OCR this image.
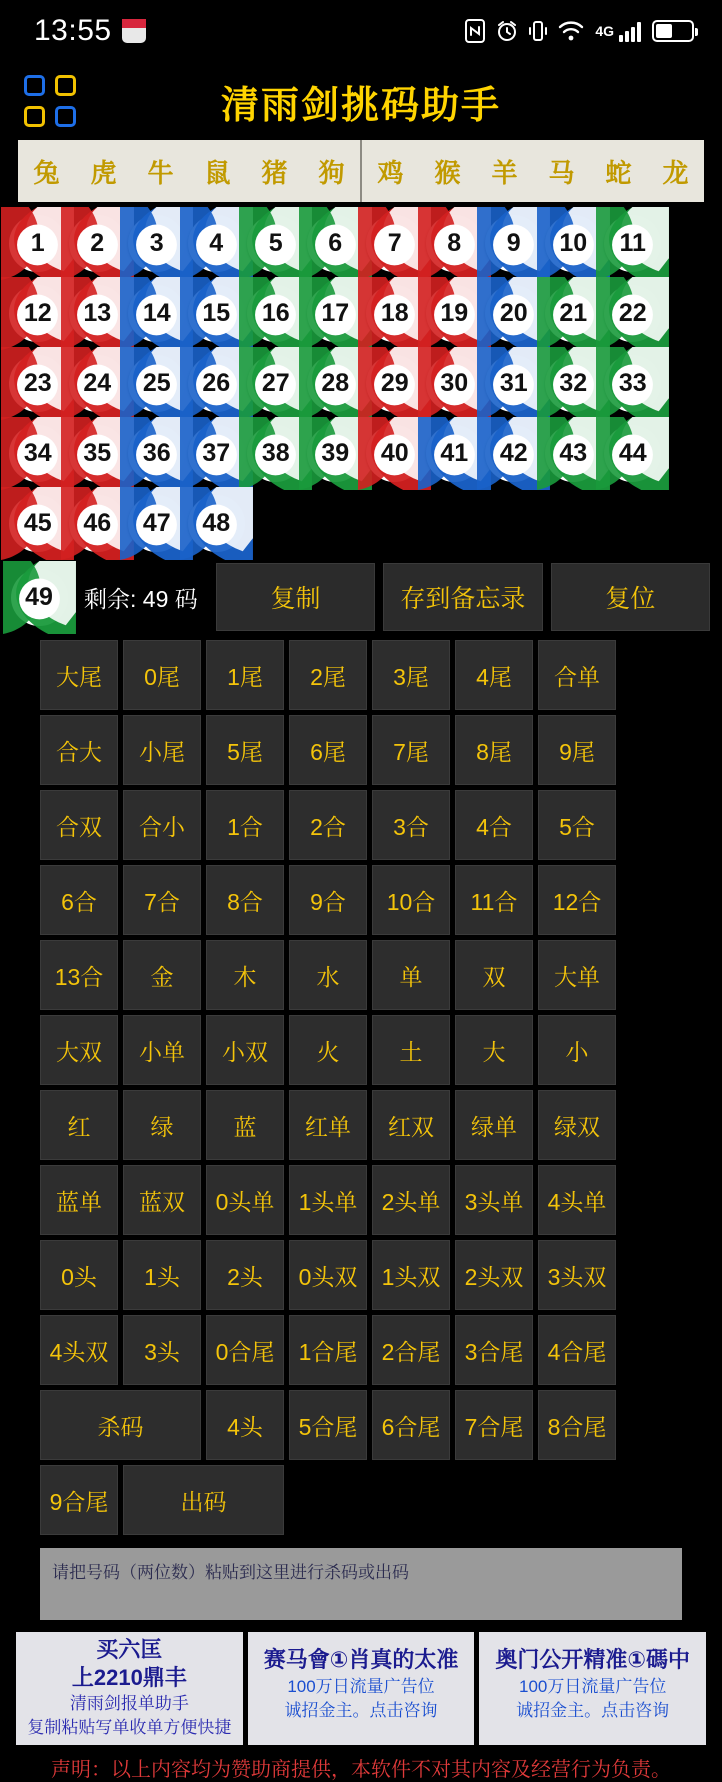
13:55	4G
清雨剑挑码助手
兔	虎	牛	鼠	猪	狗	鸡	猴	羊	马	蛇	龙
1 2 3 4 5 6 7 8 9 10 11
12 13 14 15 16 17 18 19 20 21 22
23 24 25 26 27 28 29 30 31 32 33
34 35 36 37 38 39 40 41 42 43 44
45 46 47 48
49 剩余: 49 码	复制	存到备忘录	复位
大尾	0尾	1尾	2尾	3尾	4尾	合单
合大	小尾	5尾	6尾	7尾	8尾	9尾
合双	合小	1合	2合	3合	4合	5合
6合	7合	8合	9合	10合	11合	12合
13合	金	木	水	单	双	大单
大双	小单	小双	火	土	大	小
红	绿	蓝	红单	红双	绿单	绿双
蓝单	蓝双	0头单	1头单	2头单	3头单	4头单
0头	1头	2头	0头双	1头双	2头双	3头双
4头双	3头	0合尾	1合尾	2合尾	3合尾	4合尾
杀码	4头	5合尾	6合尾	7合尾	8合尾
9合尾	出码
请把号码（两位数）粘贴到这里进行杀码或出码
买六匡
上2210鼎丰
清雨剑报单助手
复制粘贴写单收单方便快捷
赛马會①肖真的太准
100万日流量广告位
诚招金主。点击咨询
奥门公开精准①碼中
100万日流量广告位
诚招金主。点击咨询
声明：以上内容均为赞助商提供，本软件不对其内容及经营行为负责。
